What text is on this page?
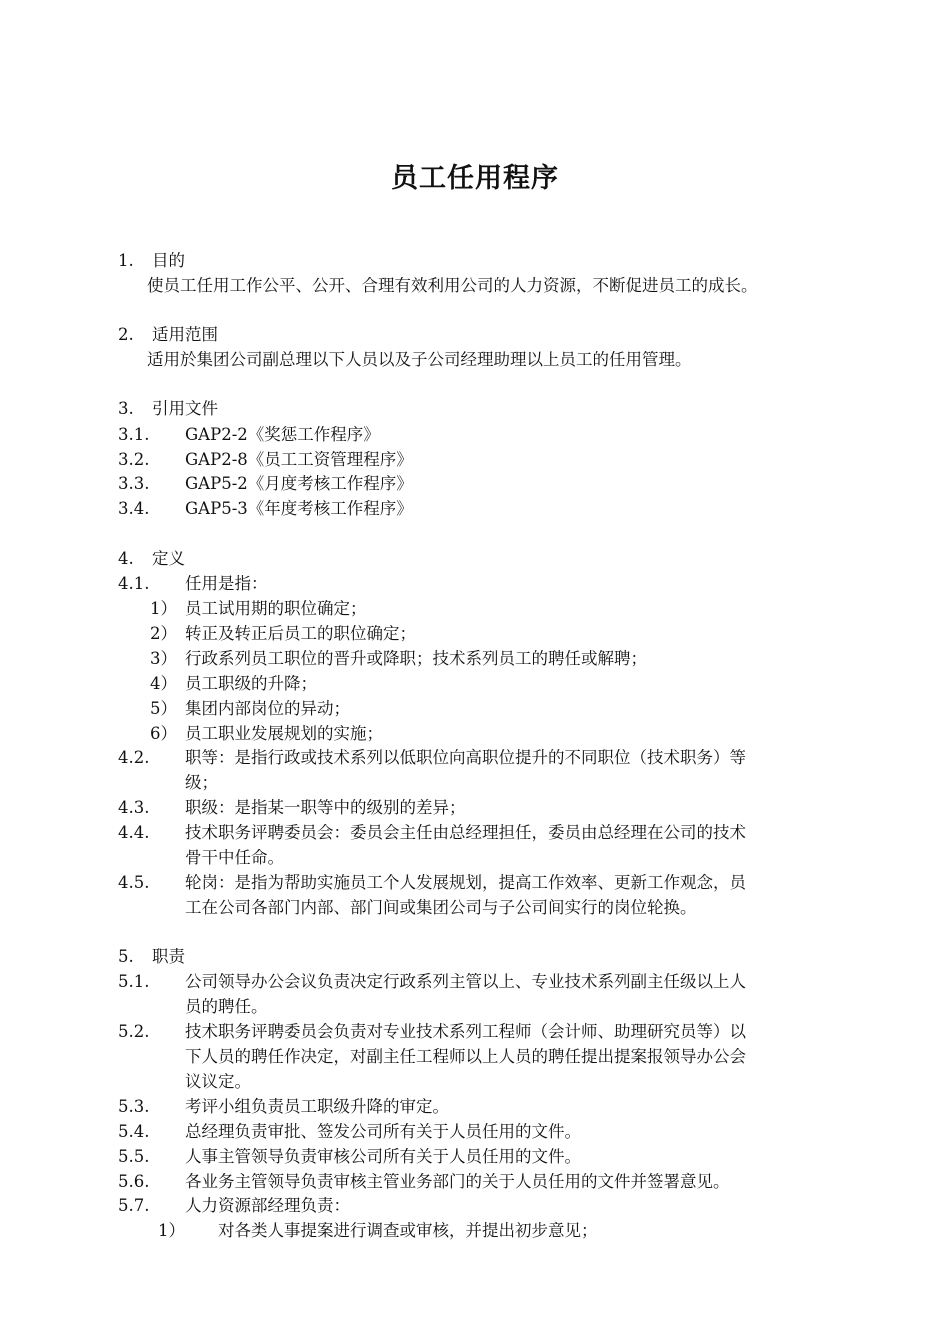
员工任用程序
1. 目的
使员工任用工作公平、公开、合理有效利用公司的人力资源，不断促进员工的成长。
2. 适用范围
适用於集团公司副总理以下人员以及子公司经理助理以上员工的任用管理。
3. 引用文件
3.1. GAP2-2《奖惩工作程序》
3.2. GAP2-8《员工工资管理程序》
3.3. GAP5-2《月度考核工作程序》
3.4. GAP5-3《年度考核工作程序》
4. 定义
4.1. 任用是指：
1） 员工试用期的职位确定；
2） 转正及转正后员工的职位确定；
3） 行政系列员工职位的晋升或降职；技术系列员工的聘任或解聘；
4） 员工职级的升降；
5） 集团内部岗位的异动；
6） 员工职业发展规划的实施；
4.2. 职等：是指行政或技术系列以低职位向高职位提升的不同职位（技术职务）等
级；
4.3. 职级：是指某一职等中的级别的差异；
4.4. 技术职务评聘委员会：委员会主任由总经理担任，委员由总经理在公司的技术
骨干中任命。
4.5. 轮岗：是指为帮助实施员工个人发展规划，提高工作效率、更新工作观念，员
工在公司各部门内部、部门间或集团公司与子公司间实行的岗位轮换。
5. 职责
5.1. 公司领导办公会议负责决定行政系列主管以上、专业技术系列副主任级以上人
员的聘任。
5.2. 技术职务评聘委员会负责对专业技术系列工程师（会计师、助理研究员等）以
下人员的聘任作决定，对副主任工程师以上人员的聘任提出提案报领导办公会
议议定。
5.3. 考评小组负责员工职级升降的审定。
5.4. 总经理负责审批、签发公司所有关于人员任用的文件。
5.5. 人事主管领导负责审核公司所有关于人员任用的文件。
5.6. 各业务主管领导负责审核主管业务部门的关于人员任用的文件并签署意见。
5.7. 人力资源部经理负责：
1） 对各类人事提案进行调查或审核，并提出初步意见；
